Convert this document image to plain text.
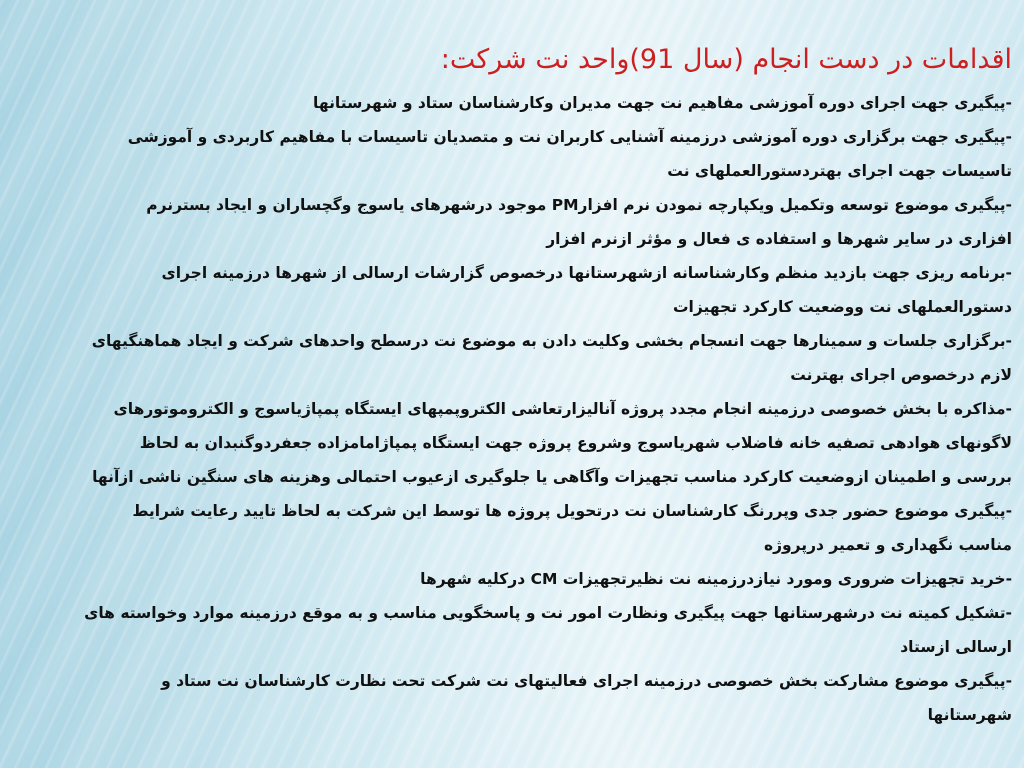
اقدامات در دست انجام (سال 91)واحد نت شرکت:
-پیگیری جهت اجرای دوره آموزشی مفاهیم نت جهت مدیران وکارشناسان ستاد و شهرستانها
-پیگیری جهت برگزاری دوره آموزشی درزمینه آشنایی کاربران نت و متصدیان تاسیسات با مفاهیم کاربردی و آموزشی
تاسیسات جهت اجرای بهتردستورالعملهای نت
-پیگیری موضوع توسعه وتکمیل ویکپارچه نمودن نرم افزارPM موجود درشهرهای یاسوج وگچساران و ایجاد بسترنرم
افزاری در سایر شهرها و استفاده ی فعال و مؤثر ازنرم افزار
-برنامه ریزی جهت بازدید منظم وکارشناسانه ازشهرستانها درخصوص گزارشات ارسالی از شهرها درزمینه اجرای
دستورالعملهای نت ووضعیت کارکرد تجهیزات
-برگزاری جلسات و سمینارها جهت انسجام بخشی وکلیت دادن به موضوع نت درسطح واحدهای شرکت و ایجاد هماهنگیهای
لازم درخصوص اجرای بهترنت
-مذاکره با بخش خصوصی درزمینه انجام مجدد پروژه آنالیزارتعاشی الکتروپمپهای ایستگاه پمپاژیاسوج و الکتروموتورهای
لاگونهای هوادهی تصفیه خانه فاضلاب شهریاسوج وشروع پروژه جهت ایستگاه پمپاژامامزاده جعفردوگنبدان به لحاظ
بررسی و اطمینان ازوضعیت کارکرد مناسب تجهیزات وآگاهی یا جلوگیری ازعیوب احتمالی وهزینه های سنگین ناشی ازآنها
-پیگیری موضوع حضور جدی وپررنگ کارشناسان نت درتحویل پروژه ها توسط این شرکت به لحاظ تایید رعایت شرایط
مناسب نگهداری و تعمیر درپروژه
-خرید تجهیزات ضروری ومورد نیازدرزمینه نت نظیرتجهیزات CM درکلیه شهرها
-تشکیل کمیته نت درشهرستانها جهت پیگیری ونظارت امور نت و پاسخگویی مناسب و به موقع درزمینه موارد وخواسته های
ارسالی ازستاد
-پیگیری موضوع مشارکت بخش خصوصی درزمینه اجرای فعالیتهای نت شرکت تحت نظارت کارشناسان نت ستاد و
شهرستانها
